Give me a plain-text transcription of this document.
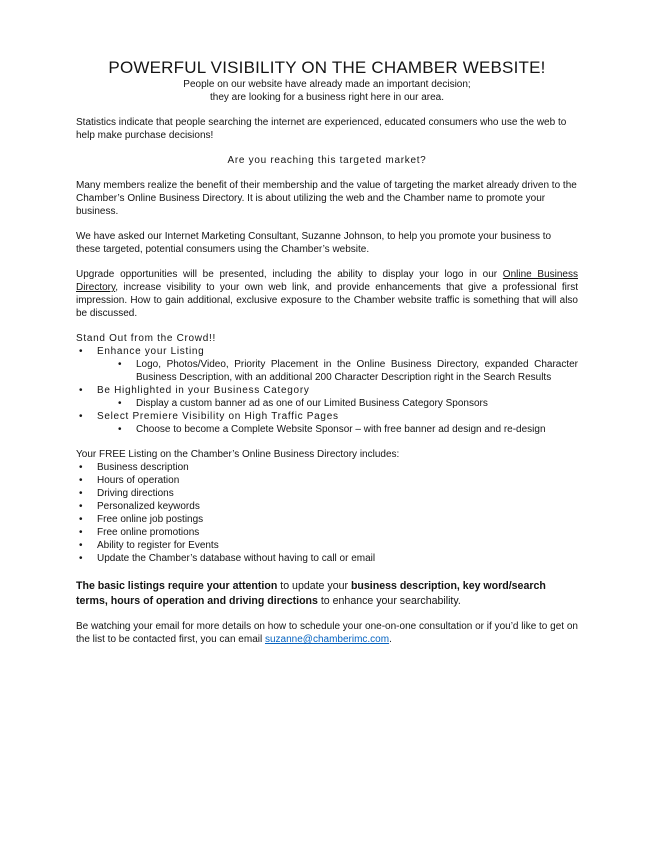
POWERFUL VISIBILITY ON THE CHAMBER WEBSITE!

People on our website have already made an important decision;

they are looking for a business right here in our area.

Statistics indicate that people searching the internet are experienced, educated consumers who use the web to help make purchase decisions!

Are you reaching this targeted market?

Many members realize the benefit of their membership and the value of targeting the market already driven to the Chamber’s Online Business Directory. It is about utilizing the web and the Chamber name to promote your business.

We have asked our Internet Marketing Consultant, Suzanne Johnson, to help you promote your business to these targeted, potential consumers using the Chamber’s website.

Upgrade opportunities will be presented, including the ability to display your logo in our Online Business Directory, increase visibility to your own web link, and provide enhancements that give a professional first impression. How to gain additional, exclusive exposure to the Chamber website traffic is something that will also be discussed.

Stand Out from the Crowd!!

• Enhance your Listing
• Logo, Photos/Video, Priority Placement in the Online Business Directory, expanded Character Business Description, with an additional 200 Character Description right in the Search Results
• Be Highlighted in your Business Category
• Display a custom banner ad as one of our Limited Business Category Sponsors
• Select Premiere Visibility on High Traffic Pages
• Choose to become a Complete Website Sponsor – with free banner ad design and re-design

Your FREE Listing on the Chamber’s Online Business Directory includes:

• Business description
• Hours of operation
• Driving directions
• Personalized keywords
• Free online job postings
• Free online promotions
• Ability to register for Events
• Update the Chamber’s database without having to call or email

The basic listings require your attention to update your business description, key word/search terms, hours of operation and driving directions to enhance your searchability.

Be watching your email for more details on how to schedule your one-on-one consultation or if you’d like to get on the list to be contacted first, you can email suzanne@chamberimc.com.
